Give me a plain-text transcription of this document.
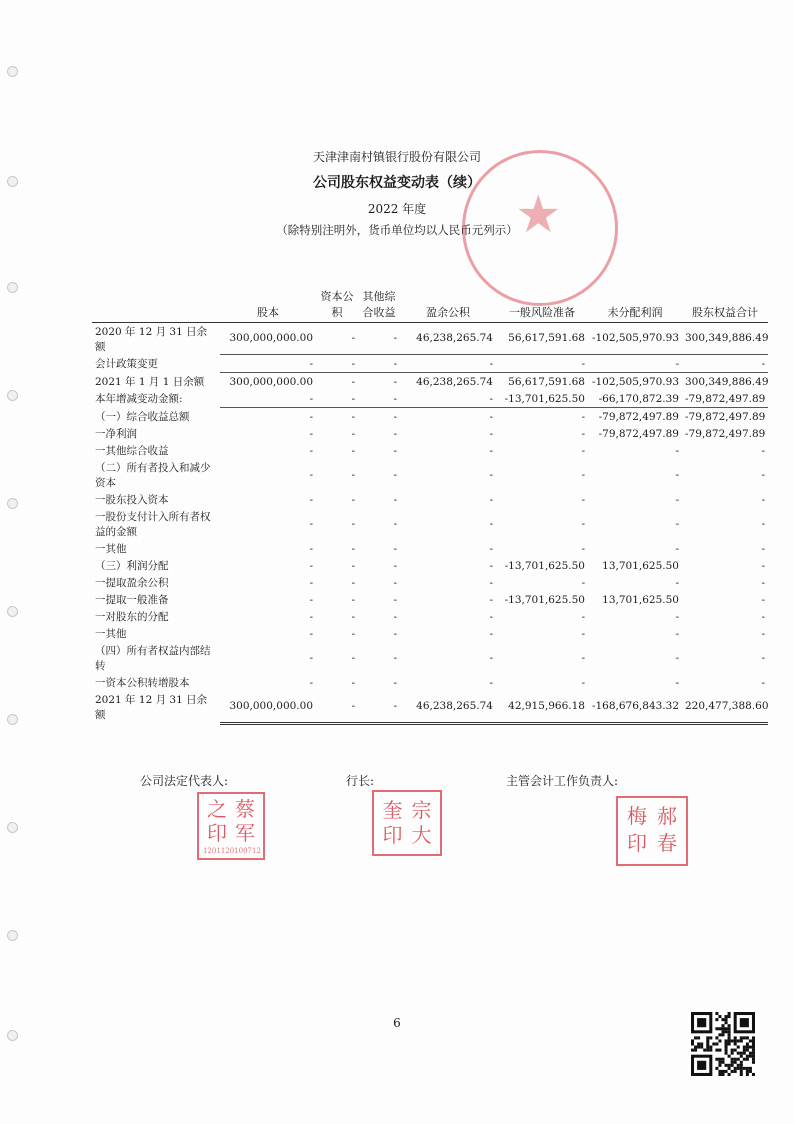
★
天津津南村镇银行股份有限公司
公司股东权益变动表（续）
2022 年度
（除特别注明外，货币单位均以人民币元列示）
	股本	资本公积	其他综合收益	盈余公积	一般风险准备	未分配利润	股东权益合计
2020 年 12 月 31 日余额	300,000,000.00	-	-	46,238,265.74	56,617,591.68	-102,505,970.93	300,349,886.49
会计政策变更	-	-	-	-	-	-	-
2021 年 1 月 1 日余额	300,000,000.00	-	-	46,238,265.74	56,617,591.68	-102,505,970.93	300,349,886.49
本年增减变动金额:	-	-	-	-	-13,701,625.50	-66,170,872.39	-79,872,497.89
（一）综合收益总额	-	-	-	-	-	-79,872,497.89	-79,872,497.89
一净利润	-	-	-	-	-	-79,872,497.89	-79,872,497.89
一其他综合收益	-	-	-	-	-	-	-
（二）所有者投入和减少资本	-	-	-	-	-	-	-
一股东投入资本	-	-	-	-	-	-	-
一股份支付计入所有者权益的金额	-	-	-	-	-	-	-
一其他	-	-	-	-	-	-	-
（三）利润分配	-	-	-	-	-13,701,625.50	13,701,625.50	-
一提取盈余公积	-	-	-	-	-	-	-
一提取一般准备	-	-	-	-	-13,701,625.50	13,701,625.50	-
一对股东的分配	-	-	-	-	-	-	-
一其他	-	-	-	-	-	-	-
（四）所有者权益内部结转	-	-	-	-	-	-	-
一资本公积转增股本	-	-	-	-	-	-	-
2021 年 12 月 31 日余额	300,000,000.00	-	-	46,238,265.74	42,915,966.18	-168,676,843.32	220,477,388.60
公司法定代表人:	行长:	主管会计工作负责人:
之 蔡
印 军
1201120100712
奎 宗
印 大
梅 郝
印 春
6
